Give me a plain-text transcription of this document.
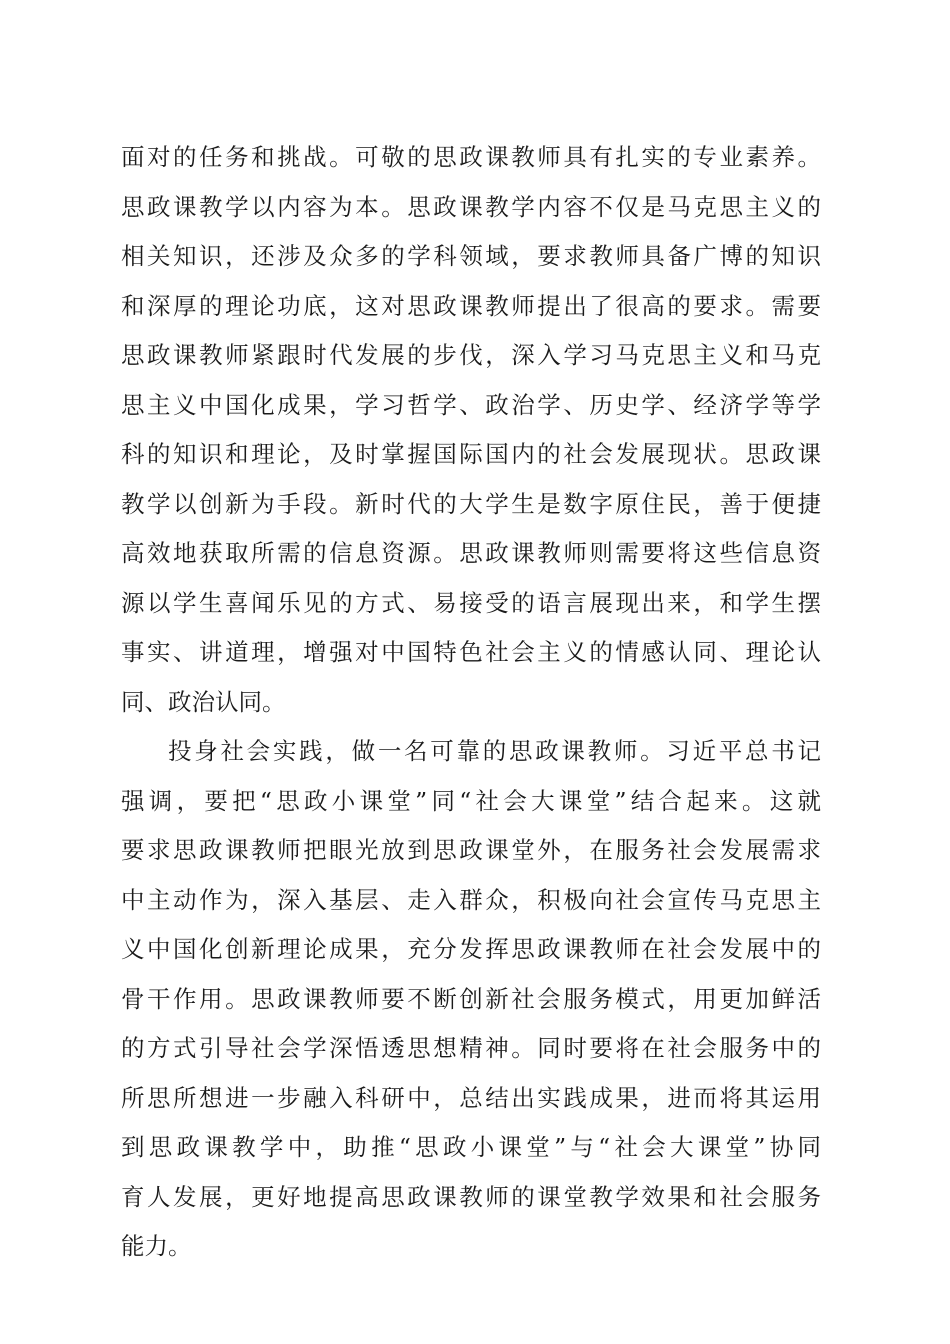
面对的任务和挑战。可敬的思政课教师具有扎实的专业素养。
思政课教学以内容为本。思政课教学内容不仅是马克思主义的
相关知识，还涉及众多的学科领域，要求教师具备广博的知识
和深厚的理论功底，这对思政课教师提出了很高的要求。需要
思政课教师紧跟时代发展的步伐，深入学习马克思主义和马克
思主义中国化成果，学习哲学、政治学、历史学、经济学等学
科的知识和理论，及时掌握国际国内的社会发展现状。思政课
教学以创新为手段。新时代的大学生是数字原住民，善于便捷
高效地获取所需的信息资源。思政课教师则需要将这些信息资
源以学生喜闻乐见的方式、易接受的语言展现出来，和学生摆
事实、讲道理，增强对中国特色社会主义的情感认同、理论认
同、政治认同。
投身社会实践，做一名可靠的思政课教师。习近平总书记
强调，要把“思政小课堂”同“社会大课堂”结合起来。这就
要求思政课教师把眼光放到思政课堂外，在服务社会发展需求
中主动作为，深入基层、走入群众，积极向社会宣传马克思主
义中国化创新理论成果，充分发挥思政课教师在社会发展中的
骨干作用。思政课教师要不断创新社会服务模式，用更加鲜活
的方式引导社会学深悟透思想精神。同时要将在社会服务中的
所思所想进一步融入科研中，总结出实践成果，进而将其运用
到思政课教学中，助推“思政小课堂”与“社会大课堂”协同
育人发展，更好地提高思政课教师的课堂教学效果和社会服务
能力。
